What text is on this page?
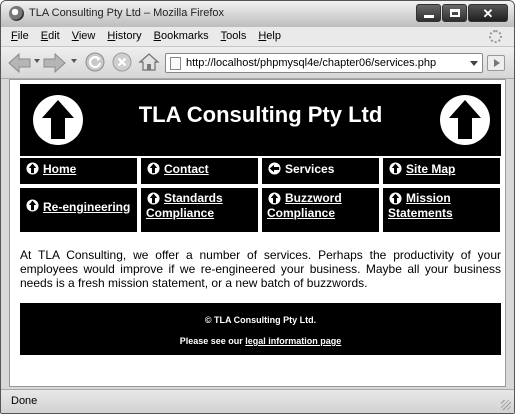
TLA Consulting Pty Ltd – Mozilla Firefox	✕
File	Edit	View	History	Bookmarks	Tools	Help
http://localhost/phpmysql4e/chapter06/services.php
TLA Consulting Pty Ltd
Home	Contact	Services	Site Map
Re-engineering
Standards Compliance
Buzzword Compliance
Mission Statements

At TLA Consulting, we offer a number of services. Perhaps the productivity of your employees would improve if we re-engineered your business. Maybe all your business needs is a fresh mission statement, or a new batch of buzzwords.

© TLA Consulting Pty Ltd.
Please see our legal information page
Done
